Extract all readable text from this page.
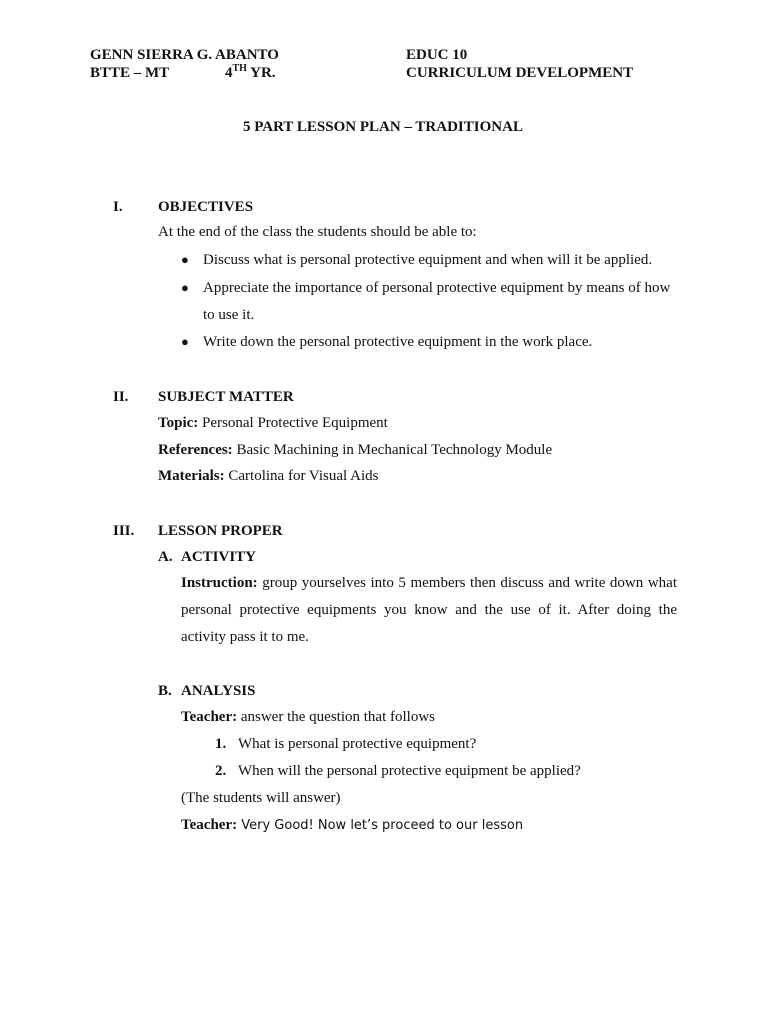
GENN SIERRA G. ABANTO
BTTE – MT	4TH YR.
EDUC 10
CURRICULUM DEVELOPMENT
5 PART LESSON PLAN – TRADITIONAL
I. OBJECTIVES
At the end of the class the students should be able to:
● Discuss what is personal protective equipment and when will it be applied.
● Appreciate the importance of personal protective equipment by means of how
to use it.
● Write down the personal protective equipment in the work place.
II. SUBJECT MATTER
Topic: Personal Protective Equipment
References: Basic Machining in Mechanical Technology Module
Materials: Cartolina for Visual Aids
III. LESSON PROPER
A. ACTIVITY
Instruction: group yourselves into 5 members then discuss and write down what
personal protective equipments you know and the use of it. After doing the
activity pass it to me.
B. ANALYSIS
Teacher: answer the question that follows
1. What is personal protective equipment?
2. When will the personal protective equipment be applied?
(The students will answer)
Teacher: Very Good! Now let’s proceed to our lesson
